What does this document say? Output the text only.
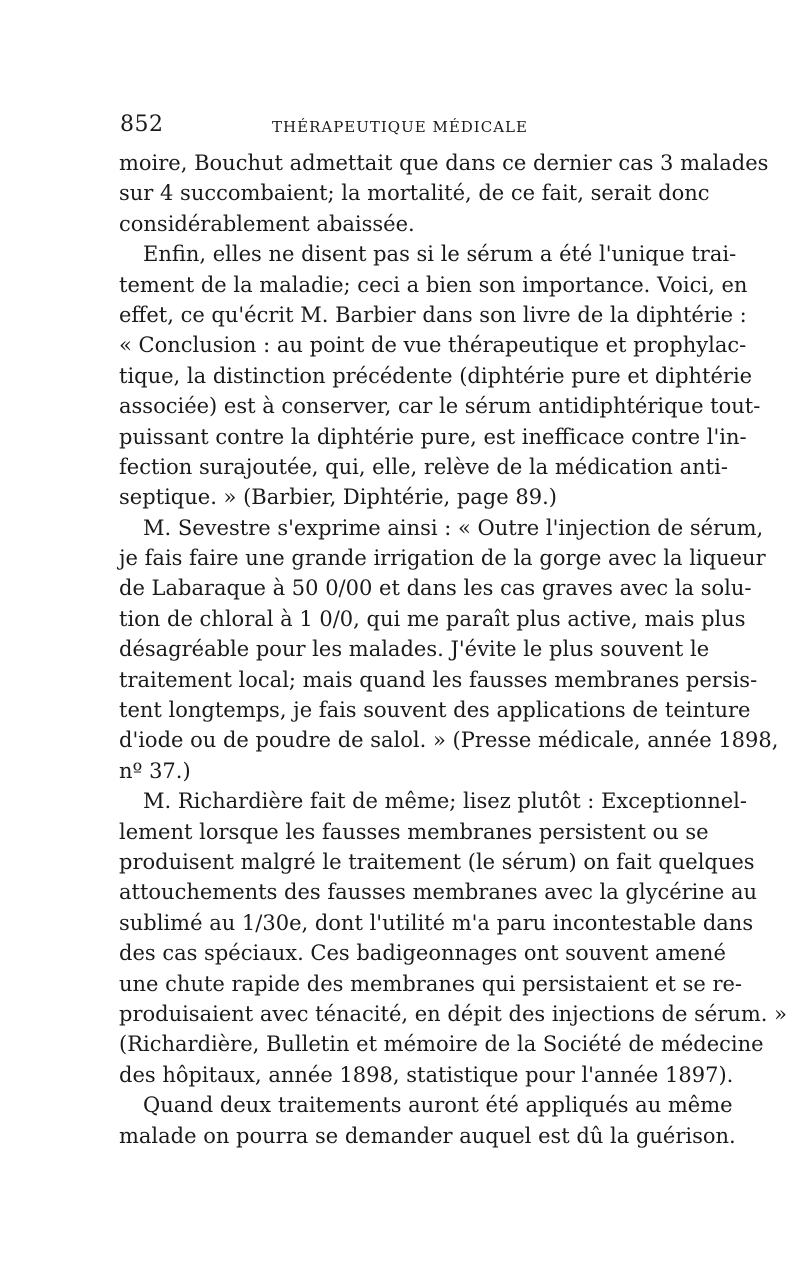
852	THÉRAPEUTIQUE MÉDICALE
moire, Bouchut admettait que dans ce dernier cas 3 malades
sur 4 succombaient; la mortalité, de ce fait, serait donc
considérablement abaissée.
Enfin, elles ne disent pas si le sérum a été l'unique trai-
tement de la maladie; ceci a bien son importance. Voici, en
effet, ce qu'écrit M. Barbier dans son livre de la diphtérie :
« Conclusion : au point de vue thérapeutique et prophylac-
tique, la distinction précédente (diphtérie pure et diphtérie
associée) est à conserver, car le sérum antidiphtérique tout-
puissant contre la diphtérie pure, est inefficace contre l'in-
fection surajoutée, qui, elle, relève de la médication anti-
septique. » (Barbier, Diphtérie, page 89.)
M. Sevestre s'exprime ainsi : « Outre l'injection de sérum,
je fais faire une grande irrigation de la gorge avec la liqueur
de Labaraque à 50 0/00 et dans les cas graves avec la solu-
tion de chloral à 1 0/0, qui me paraît plus active, mais plus
désagréable pour les malades. J'évite le plus souvent le
traitement local; mais quand les fausses membranes persis-
tent longtemps, je fais souvent des applications de teinture
d'iode ou de poudre de salol. » (Presse médicale, année 1898,
nº 37.)
M. Richardière fait de même; lisez plutôt : Exceptionnel-
lement lorsque les fausses membranes persistent ou se
produisent malgré le traitement (le sérum) on fait quelques
attouchements des fausses membranes avec la glycérine au
sublimé au 1/30e, dont l'utilité m'a paru incontestable dans
des cas spéciaux. Ces badigeonnages ont souvent amené
une chute rapide des membranes qui persistaient et se re-
produisaient avec ténacité, en dépit des injections de sérum. »
(Richardière, Bulletin et mémoire de la Société de médecine
des hôpitaux, année 1898, statistique pour l'année 1897).
Quand deux traitements auront été appliqués au même
malade on pourra se demander auquel est dû la guérison.
